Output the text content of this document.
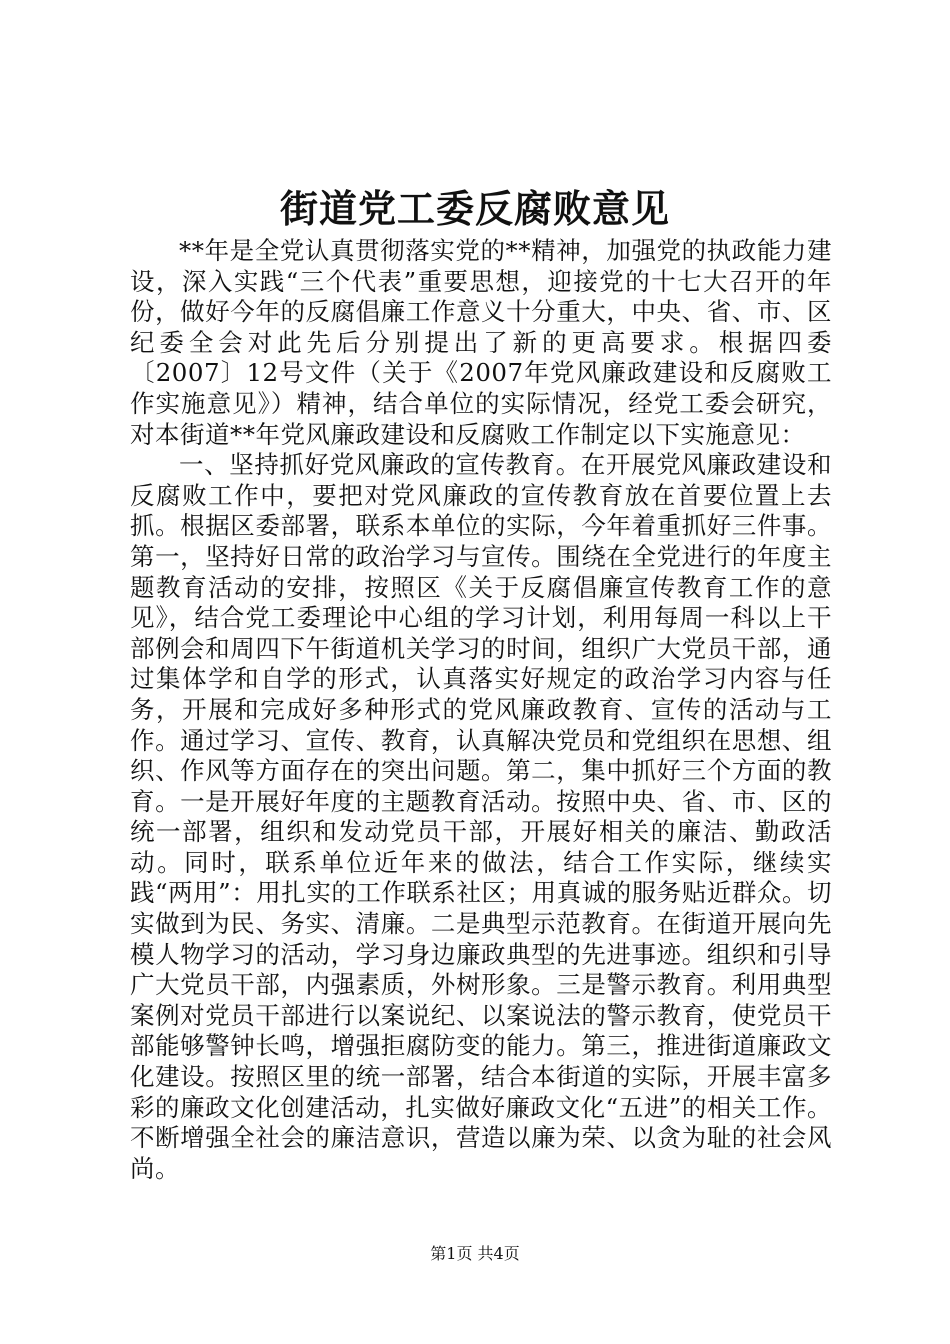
街道党工委反腐败意见

**年是全党认真贯彻落实党的**精神，加强党的执政能力建设，深入实践“三个代表”重要思想，迎接党的十七大召开的年份，做好今年的反腐倡廉工作意义十分重大，中央、省、市、区纪委全会对此先后分别提出了新的更高要求。根据四委〔2007〕12号文件（关于《2007年党风廉政建设和反腐败工作实施意见》）精神，结合单位的实际情况，经党工委会研究，对本街道**年党风廉政建设和反腐败工作制定以下实施意见：

一、坚持抓好党风廉政的宣传教育。在开展党风廉政建设和反腐败工作中，要把对党风廉政的宣传教育放在首要位置上去抓。根据区委部署，联系本单位的实际，今年着重抓好三件事。第一，坚持好日常的政治学习与宣传。围绕在全党进行的年度主题教育活动的安排，按照区《关于反腐倡廉宣传教育工作的意见》，结合党工委理论中心组的学习计划，利用每周一科以上干部例会和周四下午街道机关学习的时间，组织广大党员干部，通过集体学和自学的形式，认真落实好规定的政治学习内容与任务，开展和完成好多种形式的党风廉政教育、宣传的活动与工作。通过学习、宣传、教育，认真解决党员和党组织在思想、组织、作风等方面存在的突出问题。第二，集中抓好三个方面的教育。一是开展好年度的主题教育活动。按照中央、省、市、区的统一部署，组织和发动党员干部，开展好相关的廉洁、勤政活动。同时，联系单位近年来的做法，结合工作实际，继续实践“两用”：用扎实的工作联系社区；用真诚的服务贴近群众。切实做到为民、务实、清廉。二是典型示范教育。在街道开展向先模人物学习的活动，学习身边廉政典型的先进事迹。组织和引导广大党员干部，内强素质，外树形象。三是警示教育。利用典型案例对党员干部进行以案说纪、以案说法的警示教育，使党员干部能够警钟长鸣，增强拒腐防变的能力。第三，推进街道廉政文化建设。按照区里的统一部署，结合本街道的实际，开展丰富多彩的廉政文化创建活动，扎实做好廉政文化“五进”的相关工作。不断增强全社会的廉洁意识，营造以廉为荣、以贪为耻的社会风尚。

第1页 共4页
